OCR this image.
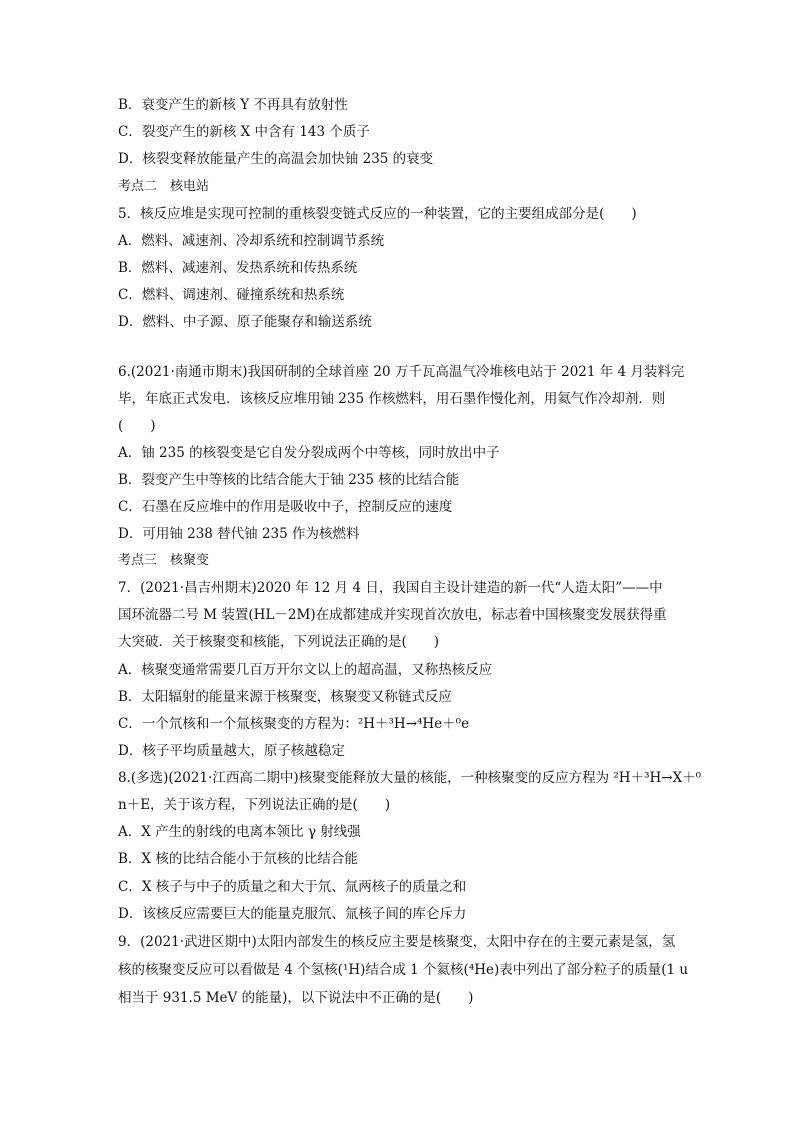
B．衰变产生的新核 Y 不再具有放射性
C．裂变产生的新核 X 中含有 143 个质子
D．核裂变释放能量产生的高温会加快铀 235 的衰变
考点二　核电站
5．核反应堆是实现可控制的重核裂变链式反应的一种装置，它的主要组成部分是(　　)
A．燃料、减速剂、冷却系统和控制调节系统
B．燃料、减速剂、发热系统和传热系统
C．燃料、调速剂、碰撞系统和热系统
D．燃料、中子源、原子能聚存和输送系统
6.(2021·南通市期末)我国研制的全球首座 20 万千瓦高温气冷堆核电站于 2021 年 4 月装料完
毕，年底正式发电．该核反应堆用铀 235 作核燃料，用石墨作慢化剂，用氦气作冷却剂．则
(　　)
A．铀 235 的核裂变是它自发分裂成两个中等核，同时放出中子
B．裂变产生中等核的比结合能大于铀 235 核的比结合能
C．石墨在反应堆中的作用是吸收中子，控制反应的速度
D．可用铀 238 替代铀 235 作为核燃料
考点三　核聚变
7．(2021·昌吉州期末)2020 年 12 月 4 日，我国自主设计建造的新一代“人造太阳”——中
国环流器二号 M 装置(HL－2M)在成都建成并实现首次放电，标志着中国核聚变发展获得重
大突破．关于核聚变和核能，下列说法正确的是(　　)
A．核聚变通常需要几百万开尔文以上的超高温，又称热核反应
B．太阳辐射的能量来源于核聚变，核聚变又称链式反应
C．一个氘核和一个氚核聚变的方程为：²H＋³H→⁴He＋⁰e
D．核子平均质量越大，原子核越稳定
8.(多选)(2021·江西高二期中)核聚变能释放大量的核能，一种核聚变的反应方程为 ²H＋³H→X＋⁰
n＋E，关于该方程，下列说法正确的是(　　)
A．X 产生的射线的电离本领比 γ 射线强
B．X 核的比结合能小于氘核的比结合能
C．X 核子与中子的质量之和大于氘、氚两核子的质量之和
D．该核反应需要巨大的能量克服氘、氚核子间的库仑斥力
9．(2021·武进区期中)太阳内部发生的核反应主要是核聚变，太阳中存在的主要元素是氢，氢
核的核聚变反应可以看做是 4 个氢核(¹H)结合成 1 个氦核(⁴He)表中列出了部分粒子的质量(1 u
相当于 931.5 MeV 的能量)，以下说法中不正确的是(　　)
